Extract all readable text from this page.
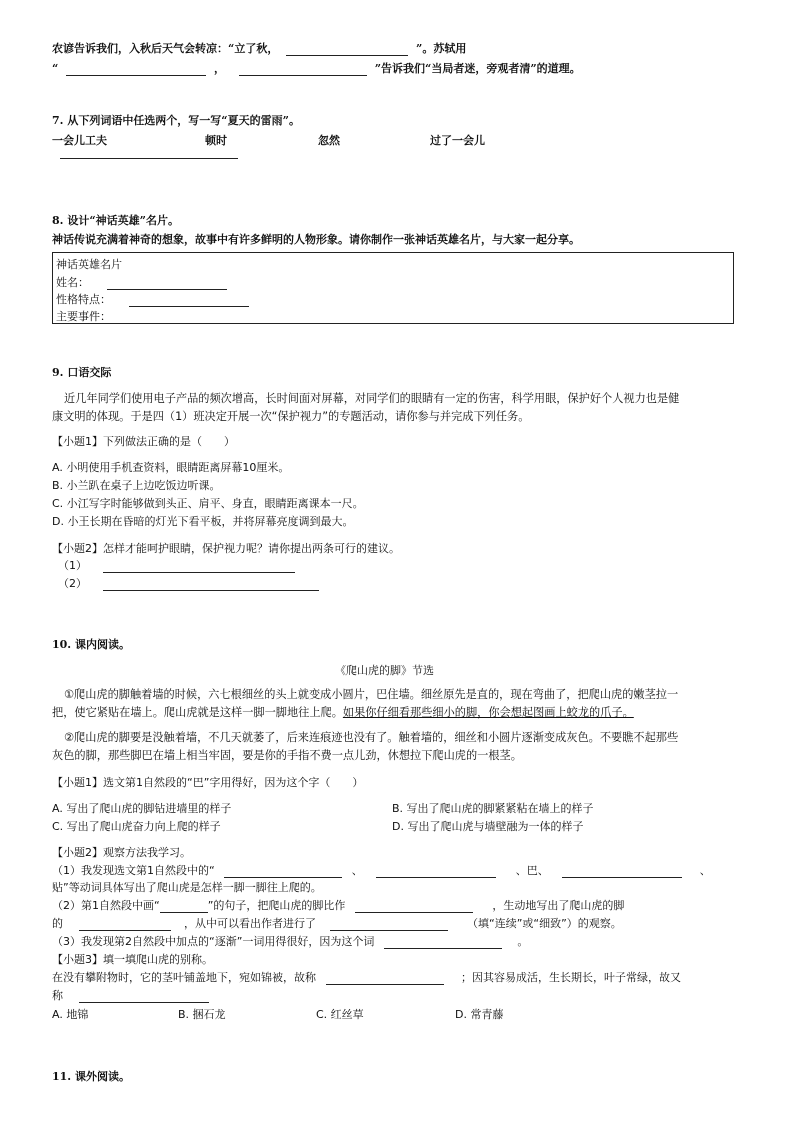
农谚告诉我们，入秋后天气会转凉：“立了秋，	”。苏轼用
“	，	”告诉我们“当局者迷，旁观者清”的道理。
7. 从下列词语中任选两个，写一写“夏天的雷雨”。
一会儿工夫	顿时	忽然	过了一会儿
8. 设计“神话英雄”名片。
神话传说充满着神奇的想象，故事中有许多鲜明的人物形象。请你制作一张神话英雄名片，与大家一起分享。
神话英雄名片
姓名：
性格特点：
主要事件：
9. 口语交际
近几年同学们使用电子产品的频次增高，长时间面对屏幕，对同学们的眼睛有一定的伤害，科学用眼，保护好个人视力也是健
康文明的体现。于是四（1）班决定开展一次“保护视力”的专题活动，请你参与并完成下列任务。
【小题1】下列做法正确的是（　　）
A. 小明使用手机查资料，眼睛距离屏幕10厘米。
B. 小兰趴在桌子上边吃饭边听课。
C. 小江写字时能够做到头正、肩平、身直，眼睛距离课本一尺。
D. 小王长期在昏暗的灯光下看平板，并将屏幕亮度调到最大。
【小题2】怎样才能呵护眼睛，保护视力呢？请你提出两条可行的建议。
（1）
（2）
10. 课内阅读。
《爬山虎的脚》节选
①爬山虎的脚触着墙的时候，六七根细丝的头上就变成小圆片，巴住墙。细丝原先是直的，现在弯曲了，把爬山虎的嫩茎拉一
把，使它紧贴在墙上。爬山虎就是这样一脚一脚地往上爬。如果你仔细看那些细小的脚，你会想起图画上蛟龙的爪子。
②爬山虎的脚要是没触着墙，不几天就萎了，后来连痕迹也没有了。触着墙的，细丝和小圆片逐渐变成灰色。不要瞧不起那些
灰色的脚，那些脚巴在墙上相当牢固，要是你的手指不费一点儿劲，休想拉下爬山虎的一根茎。
【小题1】选文第1自然段的“巴”字用得好，因为这个字（　　）
A. 写出了爬山虎的脚钻进墙里的样子	B. 写出了爬山虎的脚紧紧粘在墙上的样子
C. 写出了爬山虎奋力向上爬的样子	D. 写出了爬山虎与墙壁融为一体的样子
【小题2】观察方法我学习。
（1）我发现选文第1自然段中的“	、	、巴、	、
贴”等动词具体写出了爬山虎是怎样一脚一脚往上爬的。
（2）第1自然段中画“	”的句子，把爬山虎的脚比作	，生动地写出了爬山虎的脚
的	，从中可以看出作者进行了	（填“连续”或“细致”）的观察。
（3）我发现第2自然段中加点的“逐渐”一词用得很好，因为这个词	。
【小题3】填一填爬山虎的别称。
在没有攀附物时，它的茎叶铺盖地下，宛如锦被，故称	；因其容易成活，生长期长，叶子常绿，故又
称
A. 地锦	B. 捆石龙	C. 红丝草	D. 常青藤
11. 课外阅读。
